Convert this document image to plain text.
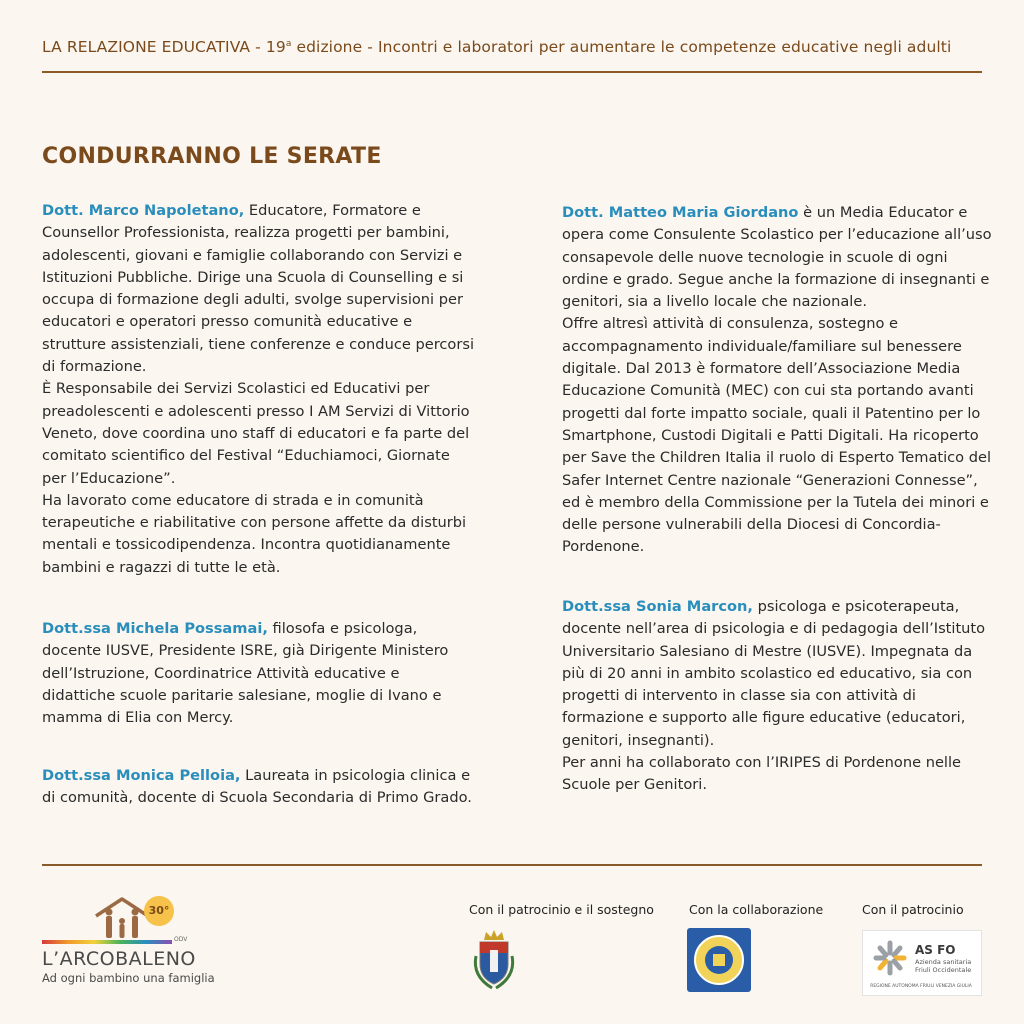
LA RELAZIONE EDUCATIVA - 19$^a$ edizione - Incontri e laboratori per aumentare le competenze educative negli adulti
CONDURRANNO LE SERATE

Dott. Marco Napoletano, Educatore, Formatore e Counsellor Professionista, realizza progetti per bambini, adolescenti, giovani e famiglie collaborando con Servizi e Istituzioni Pubbliche. Dirige una Scuola di Counselling e si occupa di formazione degli adulti, svolge supervisioni per educatori e operatori presso comunità educative e strutture assistenziali, tiene conferenze e conduce percorsi di formazione.

È Responsabile dei Servizi Scolastici ed Educativi per preadolescenti e adolescenti presso I AM Servizi di Vittorio Veneto, dove coordina uno staff di educatori e fa parte del comitato scientifico del Festival “Educhiamoci, Giornate per l’Educazione”.

Ha lavorato come educatore di strada e in comunità terapeutiche e riabilitative con persone affette da disturbi mentali e tossicodipendenza. Incontra quotidianamente bambini e ragazzi di tutte le età.

Dott.ssa Michela Possamai, filosofa e psicologa, docente IUSVE, Presidente ISRE, già Dirigente Ministero dell’Istruzione, Coordinatrice Attività educative e didattiche scuole paritarie salesiane, moglie di Ivano e mamma di Elia con Mercy.

Dott.ssa Monica Pelloia, Laureata in psicologia clinica e di comunità, docente di Scuola Secondaria di Primo Grado.

Dott. Matteo Maria Giordano è un Media Educator e opera come Consulente Scolastico per l’educazione all’uso consapevole delle nuove tecnologie in scuole di ogni ordine e grado. Segue anche la formazione di insegnanti e genitori, sia a livello locale che nazionale.

Offre altresì attività di consulenza, sostegno e accompagnamento individuale/familiare sul benessere digitale. Dal 2013 è formatore dell’Associazione Media Educazione Comunità (MEC) con cui sta portando avanti progetti dal forte impatto sociale, quali il Patentino per lo Smartphone, Custodi Digitali e Patti Digitali. Ha ricoperto per Save the Children Italia il ruolo di Esperto Tematico del Safer Internet Centre nazionale “Generazioni Connesse”, ed è membro della Commissione per la Tutela dei minori e delle persone vulnerabili della Diocesi di Concordia-Pordenone.

Dott.ssa Sonia Marcon, psicologa e psicoterapeuta, docente nell’area di psicologia e di pedagogia dell’Istituto Universitario Salesiano di Mestre (IUSVE). Impegnata da più di 20 anni in ambito scolastico ed educativo, sia con progetti di intervento in classe sia con attività di formazione e supporto alle figure educative (educatori, genitori, insegnanti).

Per anni ha collaborato con l’IRIPES di Pordenone nelle Scuole per Genitori.

30°
ODV
L’ARCOBALENO
Ad ogni bambino una famiglia
Con il patrocinio e il sostegno	Con la collaborazione	Con il patrocinio
AS FO
Azienda sanitaria
Friuli Occidentale
REGIONE AUTONOMA FRIULI VENEZIA GIULIA
